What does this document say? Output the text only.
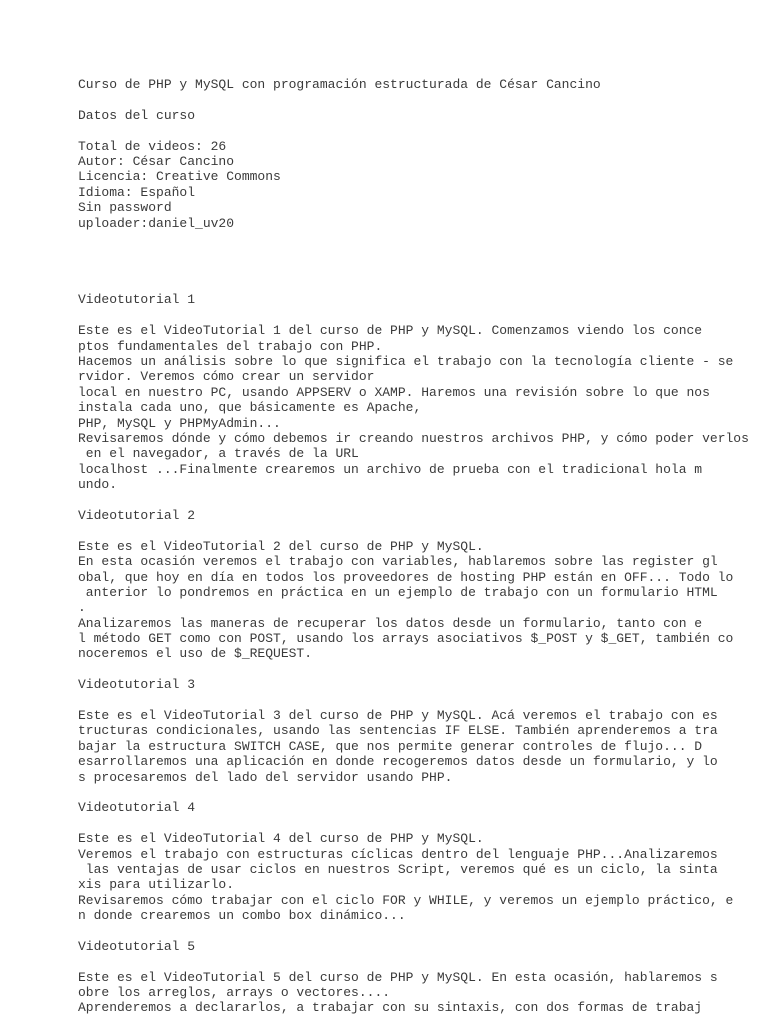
Curso de PHP y MySQL con programación estructurada de César Cancino
Datos del curso
Total de videos: 26
Autor: César Cancino
Licencia: Creative Commons
Idioma: Español
Sin password
uploader:daniel_uv20
Videotutorial 1
Este es el VideoTutorial 1 del curso de PHP y MySQL. Comenzamos viendo los conce
ptos fundamentales del trabajo con PHP.
Hacemos un análisis sobre lo que significa el trabajo con la tecnología cliente - se
rvidor. Veremos cómo crear un servidor
local en nuestro PC, usando APPSERV o XAMP. Haremos una revisión sobre lo que nos
instala cada uno, que básicamente es Apache,
PHP, MySQL y PHPMyAdmin...
Revisaremos dónde y cómo debemos ir creando nuestros archivos PHP, y cómo poder verlos
en el navegador, a través de la URL
localhost ...Finalmente crearemos un archivo de prueba con el tradicional hola m
undo.
Videotutorial 2
Este es el VideoTutorial 2 del curso de PHP y MySQL.
En esta ocasión veremos el trabajo con variables, hablaremos sobre las register gl
obal, que hoy en día en todos los proveedores de hosting PHP están en OFF... Todo lo
anterior lo pondremos en práctica en un ejemplo de trabajo con un formulario HTML
.
Analizaremos las maneras de recuperar los datos desde un formulario, tanto con e
l método GET como con POST, usando los arrays asociativos $_POST y $_GET, también co
noceremos el uso de $_REQUEST.
Videotutorial 3
Este es el VideoTutorial 3 del curso de PHP y MySQL. Acá veremos el trabajo con es
tructuras condicionales, usando las sentencias IF ELSE. También aprenderemos a tra
bajar la estructura SWITCH CASE, que nos permite generar controles de flujo... D
esarrollaremos una aplicación en donde recogeremos datos desde un formulario, y lo
s procesaremos del lado del servidor usando PHP.
Videotutorial 4
Este es el VideoTutorial 4 del curso de PHP y MySQL.
Veremos el trabajo con estructuras cíclicas dentro del lenguaje PHP...Analizaremos
las ventajas de usar ciclos en nuestros Script, veremos qué es un ciclo, la sinta
xis para utilizarlo.
Revisaremos cómo trabajar con el ciclo FOR y WHILE, y veremos un ejemplo práctico, e
n donde crearemos un combo box dinámico...
Videotutorial 5
Este es el VideoTutorial 5 del curso de PHP y MySQL. En esta ocasión, hablaremos s
obre los arreglos, arrays o vectores....
Aprenderemos a declararlos, a trabajar con su sintaxis, con dos formas de trabaj
